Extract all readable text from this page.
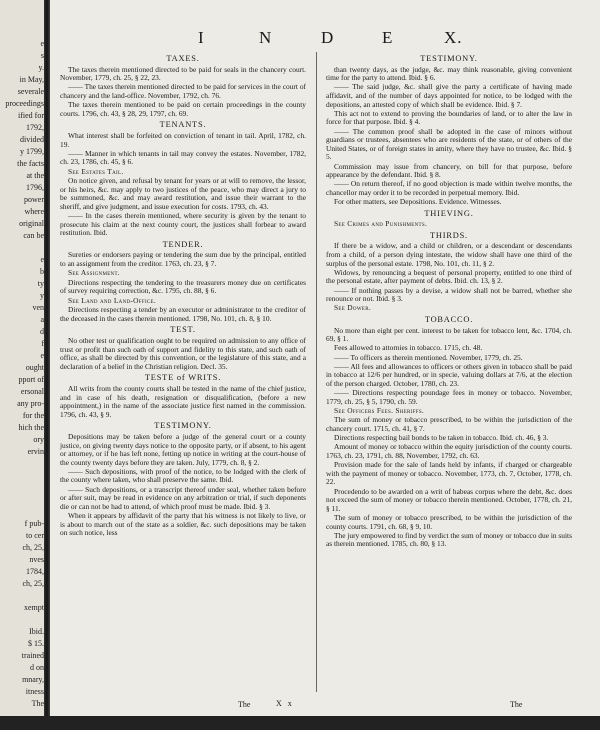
e
s
y.
in May,
severale
proceedings
ified for
1792,
divided
y 1799,
the facts
at the
1796,
power
where
original
can be
e
b
ty
y
ven
a
d
f
e
ought
pport of
ersonal
any pro-
for the
hich the
ory
ervin
f pub-
to cer
ch, 25,
nves
1784,
ch, 25,
xempt
Ibid.
$ 15.
trained
d on
mnary,
itness
The
I	N	D	E	X.
TAXES.

The taxes therein mentioned directed to be paid for seals in the chancery court. November, 1779, ch. 25, § 22, 23.

—— The taxes therein mentioned directed to be paid for services in the court of chancery and the land-office. November, 1792, ch. 76.

The taxes therein mentioned to be paid on certain proceedings in the county courts. 1796, ch. 43, § 28, 29, 1797, ch. 69.

TENANTS.

What interest shall be forfeited on conviction of tenant in tail. April, 1782, ch. 19.

—— Manner in which tenants in tail may convey the estates. November, 1782, ch. 23, 1786, ch. 45, § 6.

See Estates Tail.

On notice given, and refusal by tenant for years or at will to remove, the lessor, or his heirs, &c. may apply to two justices of the peace, who may direct a jury to be summoned, &c. and may award restitution, and issue their warrant to the sheriff, and give judgment, and issue execution for costs. 1793, ch. 43.

—— In the cases therein mentioned, where security is given by the tenant to prosecute his claim at the next county court, the justices shall forbear to award restitution. Ibid.

TENDER.

Sureties or endorsers paying or tendering the sum due by the principal, entitled to an assignment from the creditor. 1763, ch. 23, § 7.

See Assignment.

Directions respecting the tendering to the treasurers money due on certificates of survey requiring correction, &c. 1795, ch. 88, § 6.

See Land and Land-Office.

Directions respecting a tender by an executor or administrator to the creditor of the deceased in the cases therein mentioned. 1798, No. 101, ch. 8, § 10.

TEST.

No other test or qualification ought to be required on admission to any office of trust or profit than such oath of support and fidelity to this state, and such oath of office, as shall be directed by this convention, or the legislature of this state, and a declaration of a belief in the Christian religion. Decl. 35.

TESTE of WRITS.

All writs from the county courts shall be tested in the name of the chief justice, and in case of his death, resignation or disqualification, (before a new appointment,) in the name of the associate justice first named in the commission. 1796, ch. 43, § 9.

TESTIMONY.

Depositions may be taken before a judge of the general court or a county justice, on giving twenty days notice to the opposite party, or if absent, to his agent or attorney, or if he has left none, fetting up notice in writing at the court-house of the county twenty days before they are taken. July, 1779, ch. 8, § 2.

—— Such depositions, with proof of the notice, to be lodged with the clerk of the county where taken, who shall preserve the same. Ibid.

—— Such depositions, or a transcript thereof under seal, whether taken before or after suit, may be read in evidence on any arbitration or trial, if such deponents die or can not be had to attend, of which proof must be made. Ibid. § 3.

When it appears by affidavit of the party that his witness is not likely to live, or is about to march out of the state as a soldier, &c. such depositions may be taken on such notice, less

TESTIMONY.

than twenty days, as the judge, &c. may think reasonable, giving convenient time for the party to attend. Ibid. § 6.

—— The said judge, &c. shall give the party a certificate of having made affidavit, and of the number of days appointed for notice, to be lodged with the depositions, an attested copy of which shall be evidence. Ibid. § 7.

This act not to extend to proving the boundaries of land, or to alter the law in force for that purpose. Ibid. § 4.

—— The common proof shall be adopted in the case of minors without guardians or trustees, absentees who are residents of the state, or of others of the United States, or of foreign states in amity, where they have no trustee, &c. Ibid. § 5.

Commission may issue from chancery, on bill for that purpose, before appearance by the defendant. Ibid. § 8.

—— On return thereof, if no good objection is made within twelve months, the chancellor may order it to be recorded in perpetual memory. Ibid.

For other matters, see Depositions. Evidence. Witnesses.

THIEVING.

See Crimes and Punishments.

THIRDS.

If there be a widow, and a child or children, or a descendant or descendants from a child, of a person dying intestate, the widow shall have one third of the surplus of the personal estate. 1798, No. 101, ch. 11, § 2.

Widows, by renouncing a bequest of personal property, entitled to one third of the personal estate, after payment of debts. Ibid. ch. 13, § 2.

—— If nothing passes by a devise, a widow shall not be barred, whether she renounce or not. Ibid. § 3.

See Dower.

TOBACCO.

No more than eight per cent. interest to be taken for tobacco lent, &c. 1704, ch. 69, § 1.

Fees allowed to attornies in tobacco. 1715, ch. 48.

—— To officers as therein mentioned. November, 1779, ch. 25.

—— All fees and allowances to officers or others given in tobacco shall be paid in tobacco at 12/6 per hundred, or in specie, valuing dollars at 7/6, at the election of the person charged. October, 1780, ch. 23.

—— Directions respecting poundage fees in money or tobacco. November, 1779, ch. 25, § 5, 1790, ch. 59.

See Officers Fees. Sheriffs.

The sum of money or tobacco prescribed, to be within the jurisdiction of the chancery court. 1715, ch. 41, § 7.

Directions respecting bail bonds to be taken in tobacco. Ibid. ch. 46, § 3.

Amount of money or tobacco within the equity jurisdiction of the county courts. 1763, ch. 23, 1791, ch. 88, November, 1792, ch. 63.

Provision made for the sale of lands held by infants, if charged or chargeable with the payment of money or tobacco. November, 1773, ch. 7, October, 1778, ch. 22.

Procedendo to be awarded on a writ of habeas corpus where the debt, &c. does not exceed the sum of money or tobacco therein mentioned. October, 1778, ch. 21, § 11.

The sum of money or tobacco prescribed, to be within the jurisdiction of the county courts. 1791, ch. 68, § 9, 10.

The jury empowered to find by verdict the sum of money or tobacco due in suits as therein mentioned. 1785, ch. 80, § 13.

The	X x	The
